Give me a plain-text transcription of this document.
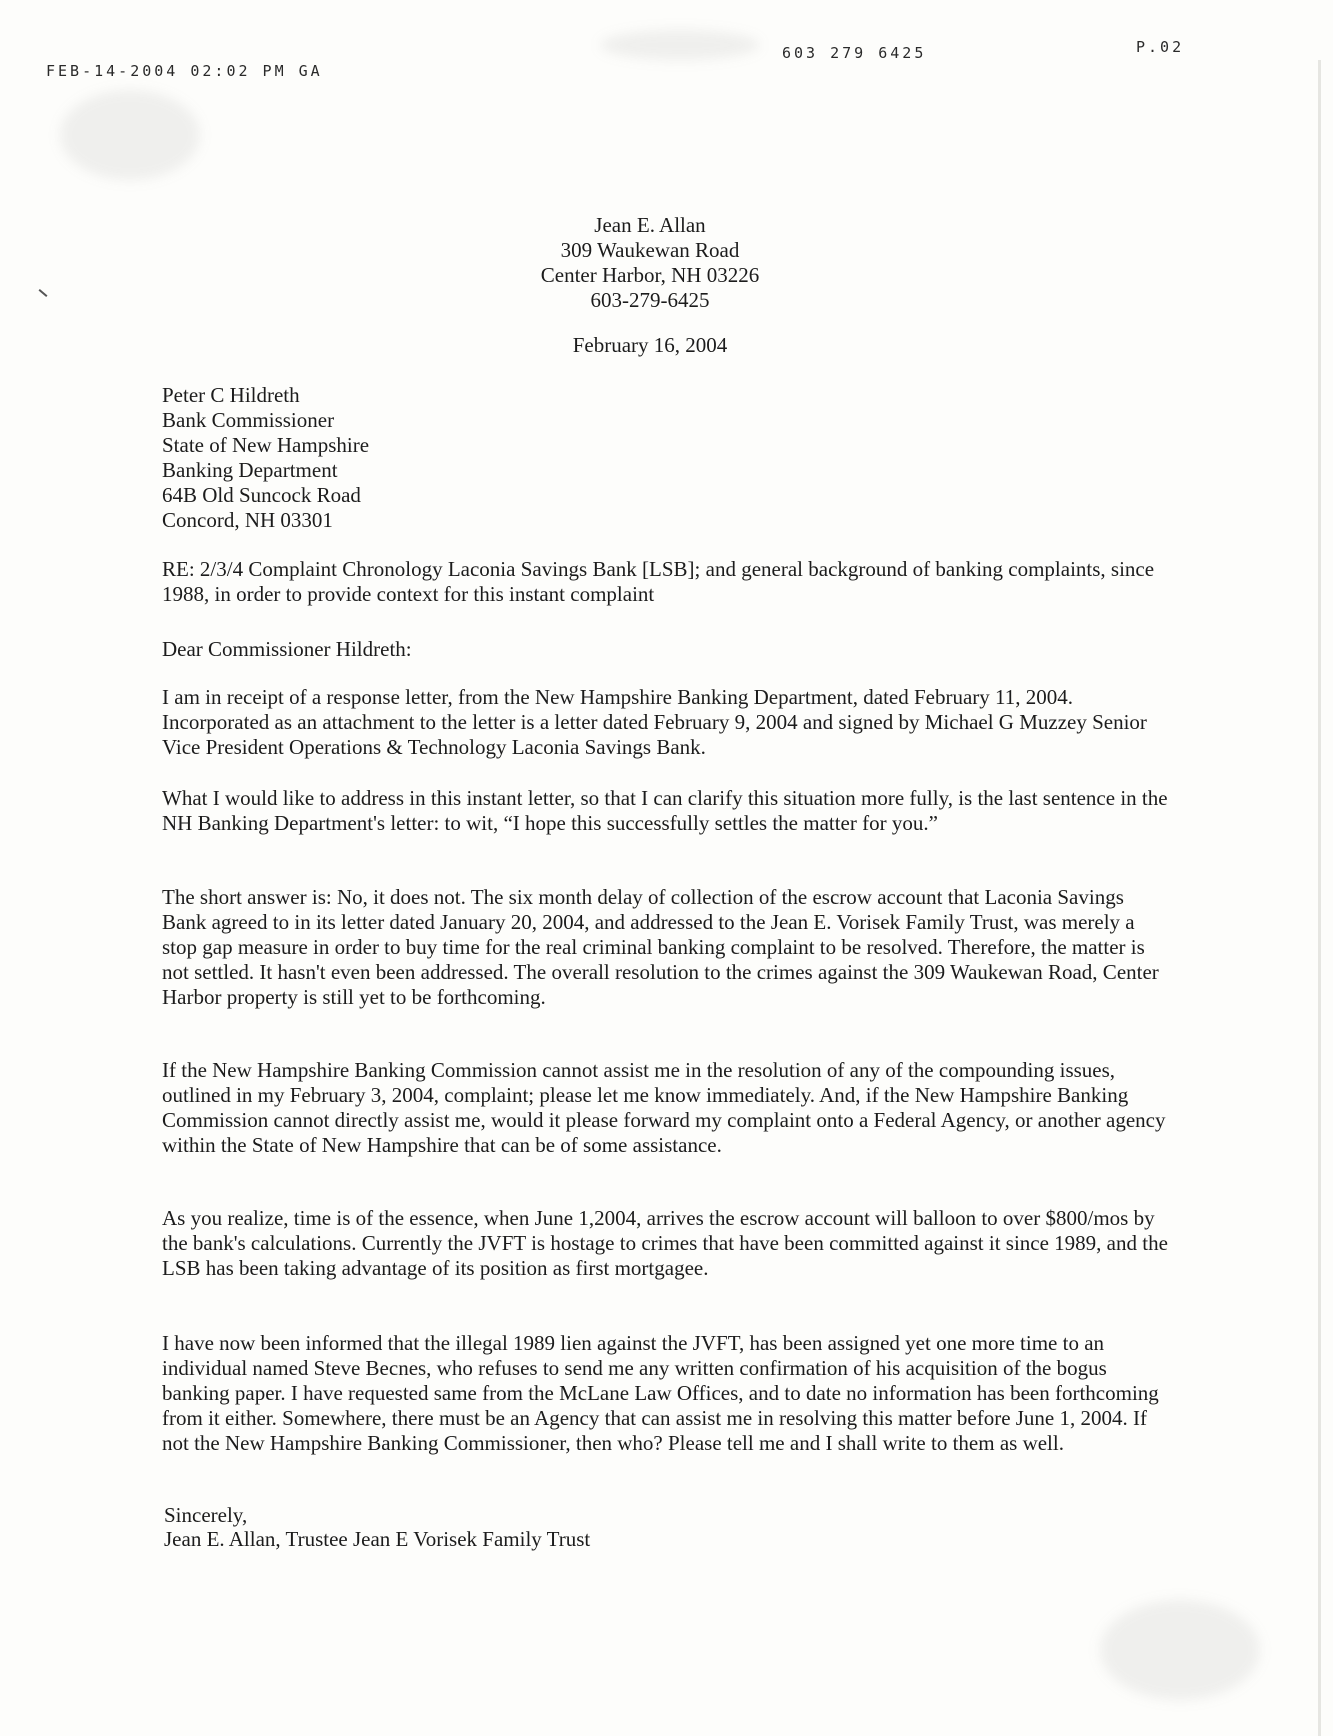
FEB-14-2004 02:02 PM GA
603 279 6425	P.02
Jean E. Allan
309 Waukewan Road
Center Harbor, NH 03226
603-279-6425
February 16, 2004
Peter C Hildreth
Bank Commissioner
State of New Hampshire
Banking Department
64B Old Suncock Road
Concord, NH 03301
RE: 2/3/4 Complaint Chronology Laconia Savings Bank [LSB]; and general background of banking complaints, since 1988, in order to provide context for this instant complaint
Dear Commissioner Hildreth:
I am in receipt of a response letter, from the New Hampshire Banking Department, dated February 11, 2004. Incorporated as an attachment to the letter is a letter dated February 9, 2004 and signed by Michael G Muzzey Senior Vice President Operations & Technology Laconia Savings Bank.
What I would like to address in this instant letter, so that I can clarify this situation more fully, is the last sentence in the NH Banking Department's letter: to wit, “I hope this successfully settles the matter for you.”
The short answer is: No, it does not. The six month delay of collection of the escrow account that Laconia Savings Bank agreed to in its letter dated January 20, 2004, and addressed to the Jean E. Vorisek Family Trust, was merely a stop gap measure in order to buy time for the real criminal banking complaint to be resolved. Therefore, the matter is not settled. It hasn't even been addressed. The overall resolution to the crimes against the 309 Waukewan Road, Center Harbor property is still yet to be forthcoming.
If the New Hampshire Banking Commission cannot assist me in the resolution of any of the compounding issues, outlined in my February 3, 2004, complaint; please let me know immediately. And, if the New Hampshire Banking Commission cannot directly assist me, would it please forward my complaint onto a Federal Agency, or another agency within the State of New Hampshire that can be of some assistance.
As you realize, time is of the essence, when June 1,2004, arrives the escrow account will balloon to over $800/mos by the bank's calculations. Currently the JVFT is hostage to crimes that have been committed against it since 1989, and the LSB has been taking advantage of its position as first mortgagee.
I have now been informed that the illegal 1989 lien against the JVFT, has been assigned yet one more time to an individual named Steve Becnes, who refuses to send me any written confirmation of his acquisition of the bogus banking paper. I have requested same from the McLane Law Offices, and to date no information has been forthcoming from it either. Somewhere, there must be an Agency that can assist me in resolving this matter before June 1, 2004. If not the New Hampshire Banking Commissioner, then who? Please tell me and I shall write to them as well.
Sincerely,
Jean E. Allan, Trustee Jean E Vorisek Family Trust
